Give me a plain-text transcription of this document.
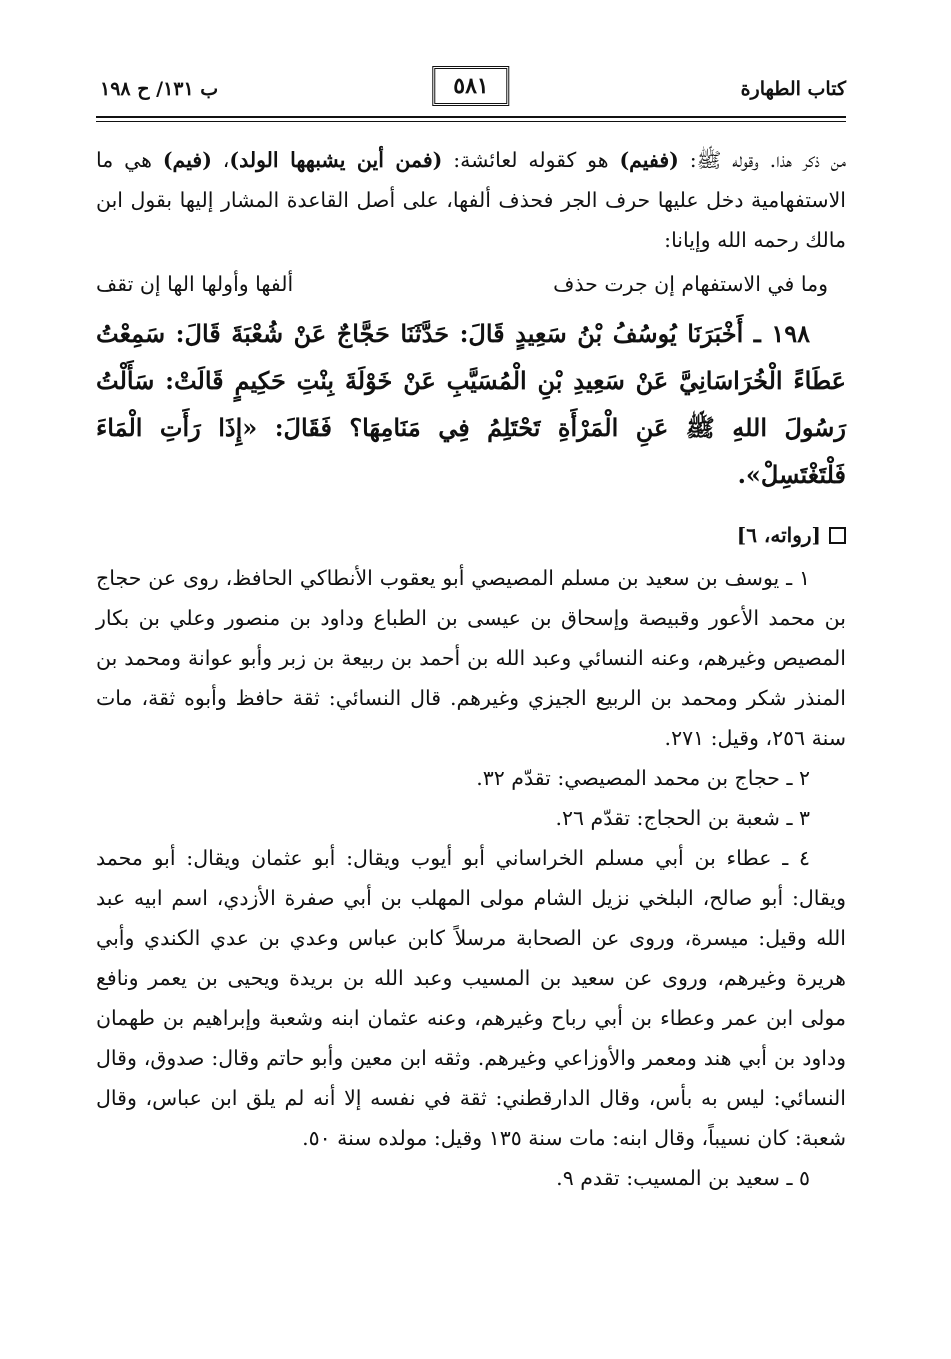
كتاب الطهارة
٥٨١
ب ١٣١/ ح ١٩٨

من ذكر هذا. وقوله ﷺ: (ففيم) هو كقوله لعائشة: (فمن أين يشبهها الولد)، (فيم) هي ما الاستفهامية دخل عليها حرف الجر فحذف ألفها، على أصل القاعدة المشار إليها بقول ابن مالك رحمه الله وإيانا:

وما في الاستفهام إن جرت حذف
ألفها وأولها الها إن تقف

١٩٨ ـ أَخْبَرَنَا يُوسُفُ بْنُ سَعِيدٍ قَالَ: حَدَّثَنَا حَجَّاجٌ عَنْ شُعْبَةَ قَالَ: سَمِعْتُ عَطَاءً الْخُرَاسَانِيَّ عَنْ سَعِيدِ بْنِ الْمُسَيَّبِ عَنْ خَوْلَةَ بِنْتِ حَكِيمٍ قَالَتْ: سَأَلْتُ رَسُولَ اللهِ ﷺ عَنِ الْمَرْأَةِ تَحْتَلِمُ فِي مَنَامِهَا؟ فَقَالَ: «إِذَا رَأَتِ الْمَاءَ فَلْتَغْتَسِلْ».

[رواته، ٦]

١ ـ يوسف بن سعيد بن مسلم المصيصي أبو يعقوب الأنطاكي الحافظ، روى عن حجاج بن محمد الأعور وقبيصة وإسحاق بن عيسى بن الطباع وداود بن منصور وعلي بن بكار المصيص وغيرهم، وعنه النسائي وعبد الله بن أحمد بن ربيعة بن زبر وأبو عوانة ومحمد بن المنذر شكر ومحمد بن الربيع الجيزي وغيرهم. قال النسائي: ثقة حافظ وأبوه ثقة، مات سنة ٢٥٦، وقيل: ٢٧١.

٢ ـ حجاج بن محمد المصيصي: تقدّم ٣٢.

٣ ـ شعبة بن الحجاج: تقدّم ٢٦.

٤ ـ عطاء بن أبي مسلم الخراساني أبو أيوب ويقال: أبو عثمان ويقال: أبو محمد ويقال: أبو صالح، البلخي نزيل الشام مولى المهلب بن أبي صفرة الأزدي، اسم ابيه عبد الله وقيل: ميسرة، وروى عن الصحابة مرسلاً كابن عباس وعدي بن عدي الكندي وأبي هريرة وغيرهم، وروى عن سعيد بن المسيب وعبد الله بن بريدة ويحيى بن يعمر ونافع مولى ابن عمر وعطاء بن أبي رباح وغيرهم، وعنه عثمان ابنه وشعبة وإبراهيم بن طهمان وداود بن أبي هند ومعمر والأوزاعي وغيرهم. وثقه ابن معين وأبو حاتم وقال: صدوق، وقال النسائي: ليس به بأس، وقال الدارقطني: ثقة في نفسه إلا أنه لم يلق ابن عباس، وقال شعبة: كان نسيباً، وقال ابنه: مات سنة ١٣٥ وقيل: مولده سنة ٥٠.

٥ ـ سعيد بن المسيب: تقدم ٩.
